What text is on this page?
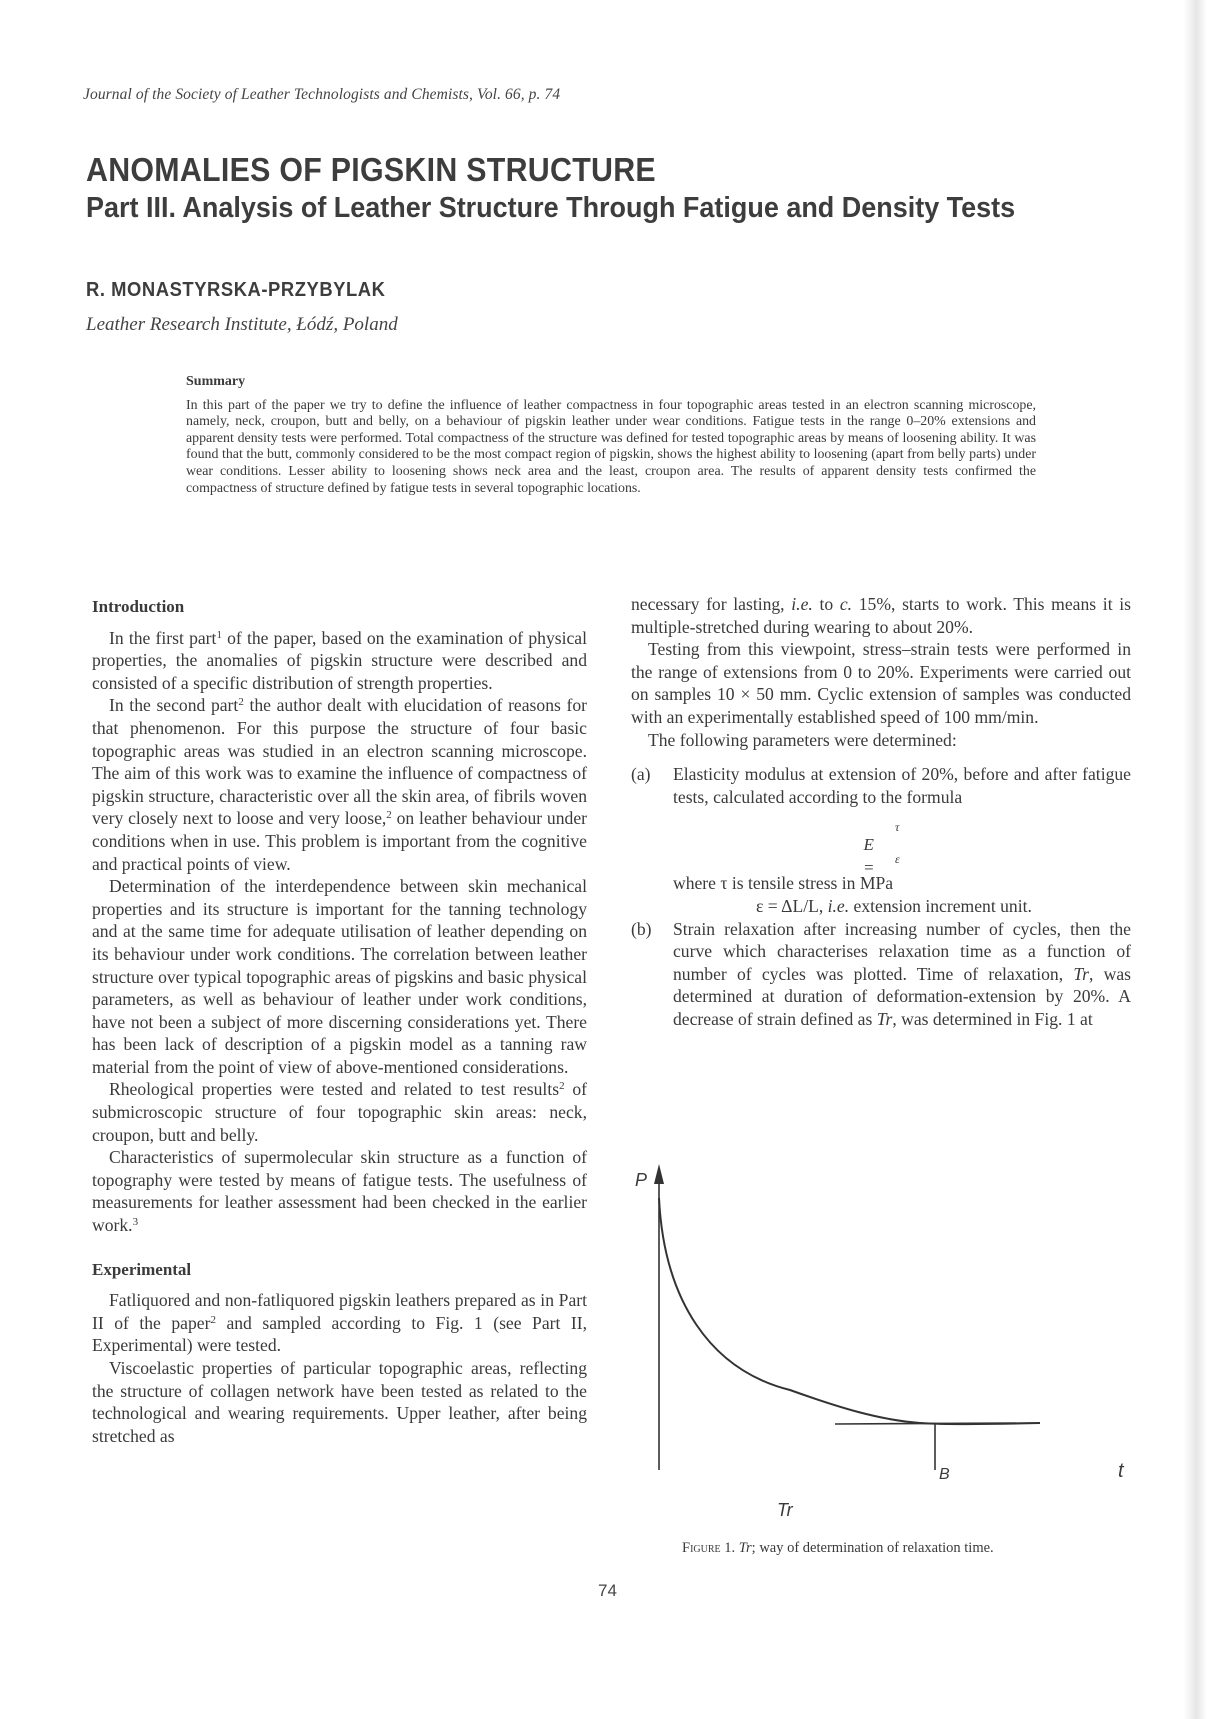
Journal of the Society of Leather Technologists and Chemists, Vol. 66, p. 74
ANOMALIES OF PIGSKIN STRUCTURE
Part III. Analysis of Leather Structure Through Fatigue and Density Tests
R. MONASTYRSKA-PRZYBYLAK
Leather Research Institute, Łódź, Poland
Summary
In this part of the paper we try to define the influence of leather compactness in four topographic areas tested in an electron scanning microscope, namely, neck, croupon, butt and belly, on a behaviour of pigskin leather under wear conditions. Fatigue tests in the range 0–20% extensions and apparent density tests were performed. Total compactness of the structure was defined for tested topographic areas by means of loosening ability. It was found that the butt, commonly considered to be the most compact region of pigskin, shows the highest ability to loosening (apart from belly parts) under wear conditions. Lesser ability to loosening shows neck area and the least, croupon area. The results of apparent density tests confirmed the compactness of structure defined by fatigue tests in several topographic locations.
Introduction

In the first part$^1$ of the paper, based on the examination of physical properties, the anomalies of pigskin structure were described and consisted of a specific distribution of strength properties.

In the second part$^2$ the author dealt with elucidation of reasons for that phenomenon. For this purpose the structure of four basic topographic areas was studied in an electron scanning microscope. The aim of this work was to examine the influence of compactness of pigskin structure, characteristic over all the skin area, of fibrils woven very closely next to loose and very loose,$^2$ on leather behaviour under conditions when in use. This problem is important from the cognitive and practical points of view.

Determination of the interdependence between skin mechanical properties and its structure is important for the tanning technology and at the same time for adequate utilisation of leather depending on its behaviour under work conditions. The correlation between leather structure over typical topographic areas of pigskins and basic physical parameters, as well as behaviour of leather under work conditions, have not been a subject of more discerning considerations yet. There has been lack of description of a pigskin model as a tanning raw material from the point of view of above-mentioned considerations.

Rheological properties were tested and related to test results$^2$ of submicroscopic structure of four topographic skin areas: neck, croupon, butt and belly.

Characteristics of supermolecular skin structure as a function of topography were tested by means of fatigue tests. The usefulness of measurements for leather assessment had been checked in the earlier work.$^3$

Experimental

Fatliquored and non-fatliquored pigskin leathers prepared as in Part II of the paper$^2$ and sampled according to Fig. 1 (see Part II, Experimental) were tested.

Viscoelastic properties of particular topographic areas, reflecting the structure of collagen network have been tested as related to the technological and wearing requirements. Upper leather, after being stretched as

necessary for lasting, i.e. to c. 15%, starts to work. This means it is multiple-stretched during wearing to about 20%.

Testing from this viewpoint, stress–strain tests were performed in the range of extensions from 0 to 20%. Experiments were carried out on samples 10 × 50 mm. Cyclic extension of samples was conducted with an experimentally established speed of 100 mm/min.

The following parameters were determined:

(a) Elasticity modulus at extension of 20%, before and after fatigue tests, calculated according to the formula

E =
τ
ε

where τ is tensile stress in MPa

ε = ΔL/L, i.e. extension increment unit.

(b) Strain relaxation after increasing number of cycles, then the curve which characterises relaxation time as a function of number of cycles was plotted. Time of relaxation, Tr, was determined at duration of deformation-extension by 20%. A decrease of strain defined as Tr, was determined in Fig. 1 at

P
t
B
Tr
Figure 1. Tr; way of determination of relaxation time.
74
